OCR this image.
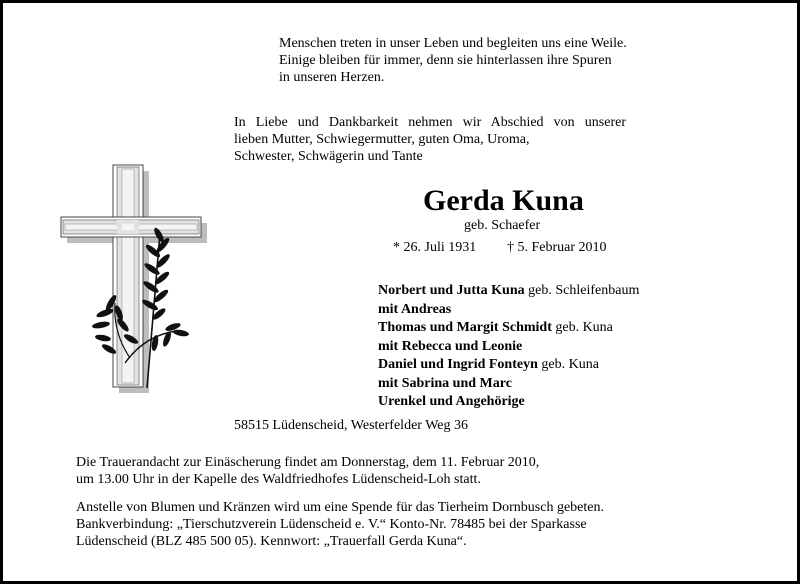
Menschen treten in unser Leben und begleiten uns eine Weile.
Einige bleiben für immer, denn sie hinterlassen ihre Spuren
in unseren Herzen.
In Liebe und Dankbarkeit nehmen wir Abschied von unserer
lieben Mutter, Schwiegermutter, guten Oma, Uroma,
Schwester, Schwägerin und Tante
Gerda Kuna
geb. Schaefer
* 26. Juli 1931 † 5. Februar 2010
Norbert und Jutta Kuna geb. Schleifenbaum
mit Andreas
Thomas und Margit Schmidt geb. Kuna
mit Rebecca und Leonie
Daniel und Ingrid Fonteyn geb. Kuna
mit Sabrina und Marc
Urenkel und Angehörige
58515 Lüdenscheid, Westerfelder Weg 36
Die Trauerandacht zur Einäscherung findet am Donnerstag, dem 11. Februar 2010,
um 13.00 Uhr in der Kapelle des Waldfriedhofes Lüdenscheid-Loh statt.
Anstelle von Blumen und Kränzen wird um eine Spende für das Tierheim Dornbusch gebeten.
Bankverbindung: „Tierschutzverein Lüdenscheid e. V.“ Konto-Nr. 78485 bei der Sparkasse
Lüdenscheid (BLZ 485 500 05). Kennwort: „Trauerfall Gerda Kuna“.
